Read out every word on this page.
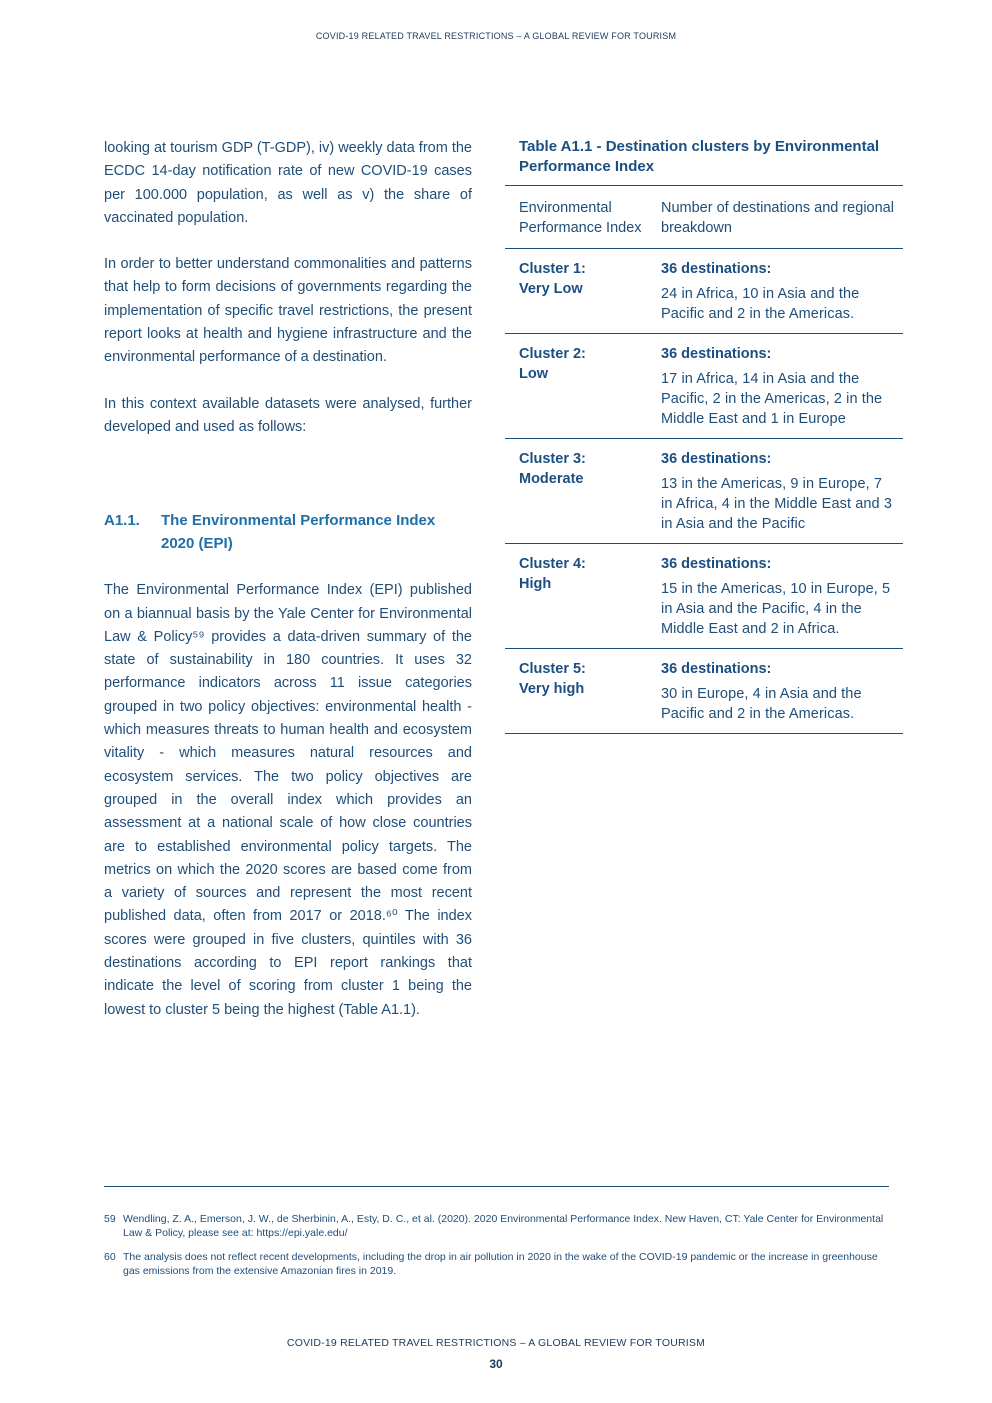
COVID-19 RELATED TRAVEL RESTRICTIONS – A GLOBAL REVIEW FOR TOURISM

looking at tourism GDP (T-GDP), iv) weekly data from the ECDC 14-day notification rate of new COVID-19 cases per 100.000 population, as well as v) the share of vaccinated population.

In order to better understand commonalities and patterns that help to form decisions of governments regarding the implementation of specific travel restrictions, the present report looks at health and hygiene infrastructure and the environmental performance of a destination.

In this context available datasets were analysed, further developed and used as follows:

A1.1.	The Environmental Performance Index 2020 (EPI)

The Environmental Performance Index (EPI) published on a biannual basis by the Yale Center for Environmental Law & Policy⁵⁹ provides a data-driven summary of the state of sustainability in 180 countries. It uses 32 performance indicators across 11 issue categories grouped in two policy objectives: environmental health - which measures threats to human health and ecosystem vitality - which measures natural resources and ecosystem services. The two policy objectives are grouped in the overall index which provides an assessment at a national scale of how close countries are to established environmental policy targets. The metrics on which the 2020 scores are based come from a variety of sources and represent the most recent published data, often from 2017 or 2018.⁶⁰ The index scores were grouped in five clusters, quintiles with 36 destinations according to EPI report rankings that indicate the level of scoring from cluster 1 being the lowest to cluster 5 being the highest (Table A1.1).

Table A1.1 - Destination clusters by Environmental Performance Index
Environmental Performance Index
Number of destinations and regional breakdown
Cluster 1:
Very Low
36 destinations:
24 in Africa, 10 in Asia and the Pacific and 2 in the Americas.
Cluster 2:
Low
36 destinations:
17 in Africa, 14 in Asia and the Pacific, 2 in the Americas, 2 in the Middle East and 1 in Europe
Cluster 3:
Moderate
36 destinations:
13 in the Americas, 9 in Europe, 7 in Africa, 4 in the Middle East and 3 in Asia and the Pacific
Cluster 4:
High
36 destinations:
15 in the Americas, 10 in Europe, 5 in Asia and the Pacific, 4 in the Middle East and 2 in Africa.
Cluster 5:
Very high
36 destinations:
30 in Europe, 4 in Asia and the Pacific and 2 in the Americas.
59 Wendling, Z. A., Emerson, J. W., de Sherbinin, A., Esty, D. C., et al. (2020). 2020 Environmental Performance Index. New Haven, CT: Yale Center for Environmental Law & Policy, please see at: https://epi.yale.edu/
60 The analysis does not reflect recent developments, including the drop in air pollution in 2020 in the wake of the COVID-19 pandemic or the increase in greenhouse gas emissions from the extensive Amazonian fires in 2019.
COVID-19 RELATED TRAVEL RESTRICTIONS – A GLOBAL REVIEW FOR TOURISM
30
